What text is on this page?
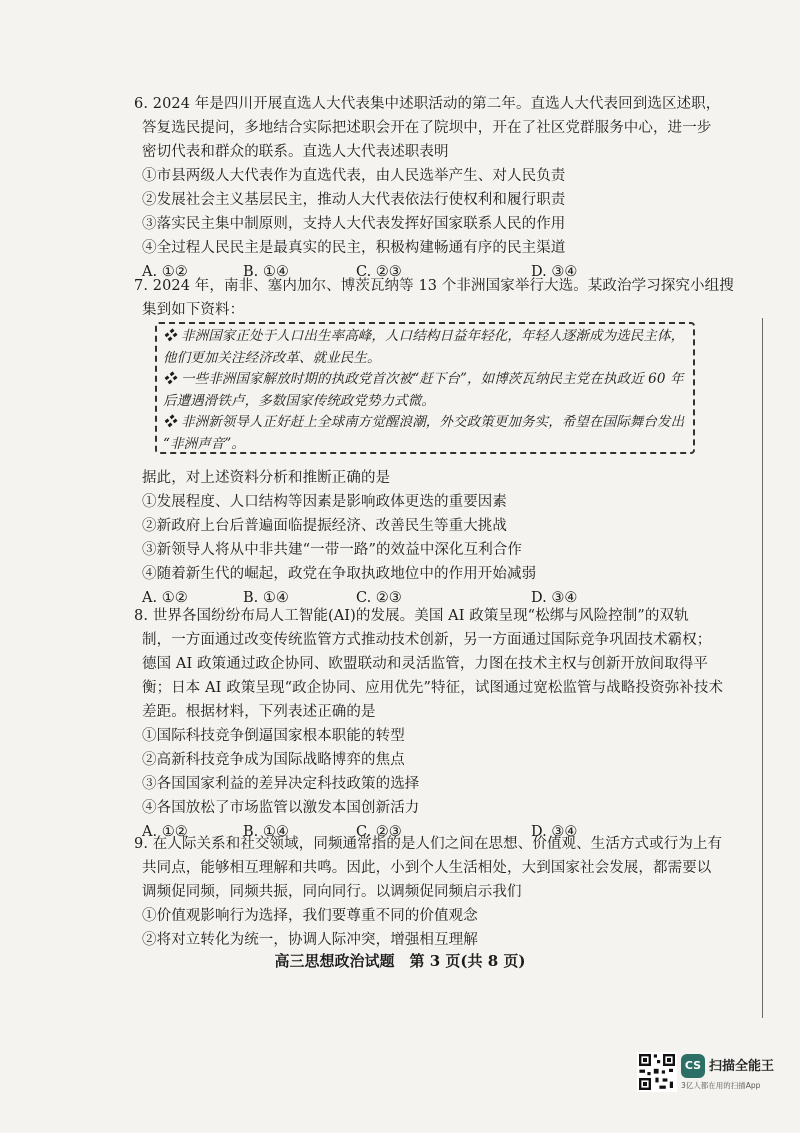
6. 2024 年是四川开展直选人大代表集中述职活动的第二年。直选人大代表回到选区述职，
答复选民提问，多地结合实际把述职会开在了院坝中，开在了社区党群服务中心，进一步
密切代表和群众的联系。直选人大代表述职表明
①市县两级人大代表作为直选代表，由人民选举产生、对人民负责
②发展社会主义基层民主，推动人大代表依法行使权利和履行职责
③落实民主集中制原则，支持人大代表发挥好国家联系人民的作用
④全过程人民民主是最真实的民主，积极构建畅通有序的民主渠道
A. ①②	B. ①④	C. ②③	D. ③④
7. 2024 年，南非、塞内加尔、博茨瓦纳等 13 个非洲国家举行大选。某政治学习探究小组搜
集到如下资料：
❖ 非洲国家正处于人口出生率高峰，人口结构日益年轻化，年轻人逐渐成为选民主体，
他们更加关注经济改革、就业民生。
❖ 一些非洲国家解放时期的执政党首次被“赶下台”，如博茨瓦纳民主党在执政近 60 年
后遭遇滑铁卢，多数国家传统政党势力式微。
❖ 非洲新领导人正好赶上全球南方觉醒浪潮，外交政策更加务实，希望在国际舞台发出
“非洲声音”。
据此，对上述资料分析和推断正确的是
①发展程度、人口结构等因素是影响政体更迭的重要因素
②新政府上台后普遍面临提振经济、改善民生等重大挑战
③新领导人将从中非共建“一带一路”的效益中深化互利合作
④随着新生代的崛起，政党在争取执政地位中的作用开始减弱
A. ①②	B. ①④	C. ②③	D. ③④
8. 世界各国纷纷布局人工智能(AI)的发展。美国 AI 政策呈现“松绑与风险控制”的双轨
制，一方面通过改变传统监管方式推动技术创新，另一方面通过国际竞争巩固技术霸权；
德国 AI 政策通过政企协同、欧盟联动和灵活监管，力图在技术主权与创新开放间取得平
衡；日本 AI 政策呈现“政企协同、应用优先”特征，试图通过宽松监管与战略投资弥补技术
差距。根据材料，下列表述正确的是
①国际科技竞争倒逼国家根本职能的转型
②高新科技竞争成为国际战略博弈的焦点
③各国国家利益的差异决定科技政策的选择
④各国放松了市场监管以激发本国创新活力
A. ①②	B. ①④	C. ②③	D. ③④
9. 在人际关系和社交领域，同频通常指的是人们之间在思想、价值观、生活方式或行为上有
共同点，能够相互理解和共鸣。因此，小到个人生活相处，大到国家社会发展，都需要以
调频促同频，同频共振，同向同行。以调频促同频启示我们
①价值观影响行为选择，我们要尊重不同的价值观念
②将对立转化为统一，协调人际冲突，增强相互理解
高三思想政治试题　第 3 页(共 8 页)
CS 扫描全能王
3亿人都在用的扫描App
